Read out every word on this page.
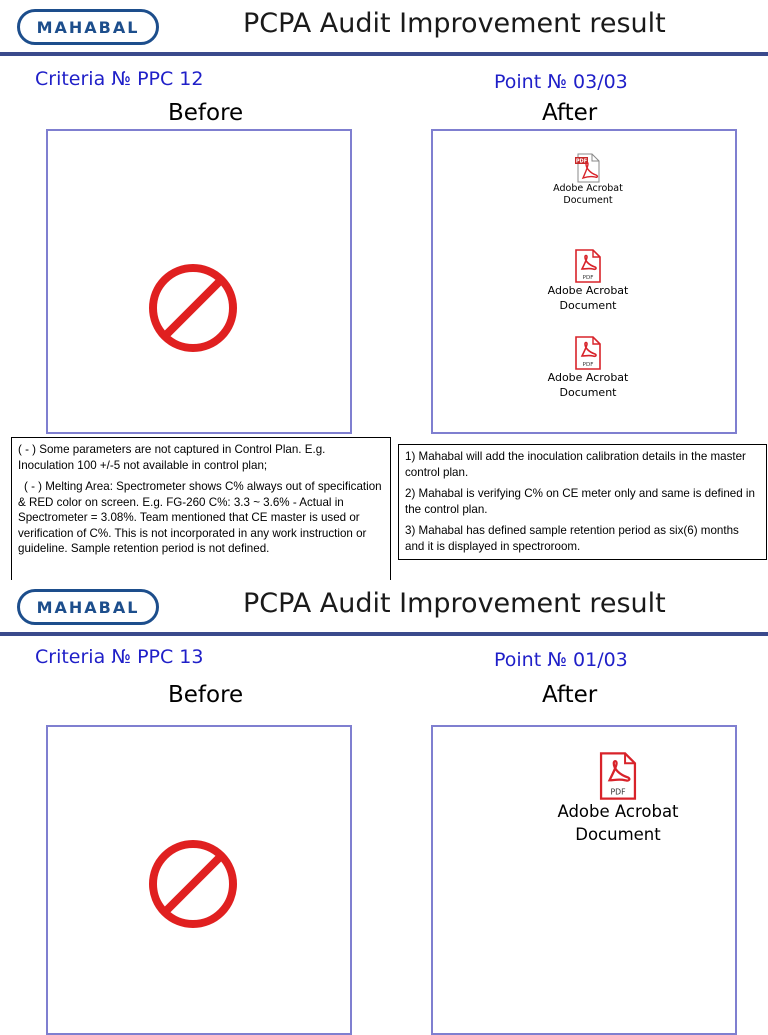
MAHABAL	PCPA Audit Improvement result
Criteria № PPC 12	Point № 03/03
Before	After
PDF
Adobe Acrobat
Document
PDF
Adobe Acrobat
Document
PDF
Adobe Acrobat
Document

( - ) Some parameters are not captured in Control Plan. E.g. Inoculation 100 +/-5 not available in control plan;

( - ) Melting Area: Spectrometer shows C% always out of specification & RED color on screen. E.g. FG-260 C%: 3.3 ~ 3.6% - Actual in Spectrometer = 3.08%. Team mentioned that CE master is used or verification of C%. This is not incorporated in any work instruction or guideline. Sample retention period is not defined.

1) Mahabal will add the inoculation calibration details in the master control plan.

2) Mahabal is verifying C% on CE meter only and same is defined in the control plan.

3) Mahabal has defined sample retention period as six(6) months and it is displayed in spectroroom.

MAHABAL	PCPA Audit Improvement result
Criteria № PPC 13	Point № 01/03
Before	After
PDF
Adobe Acrobat
Document
